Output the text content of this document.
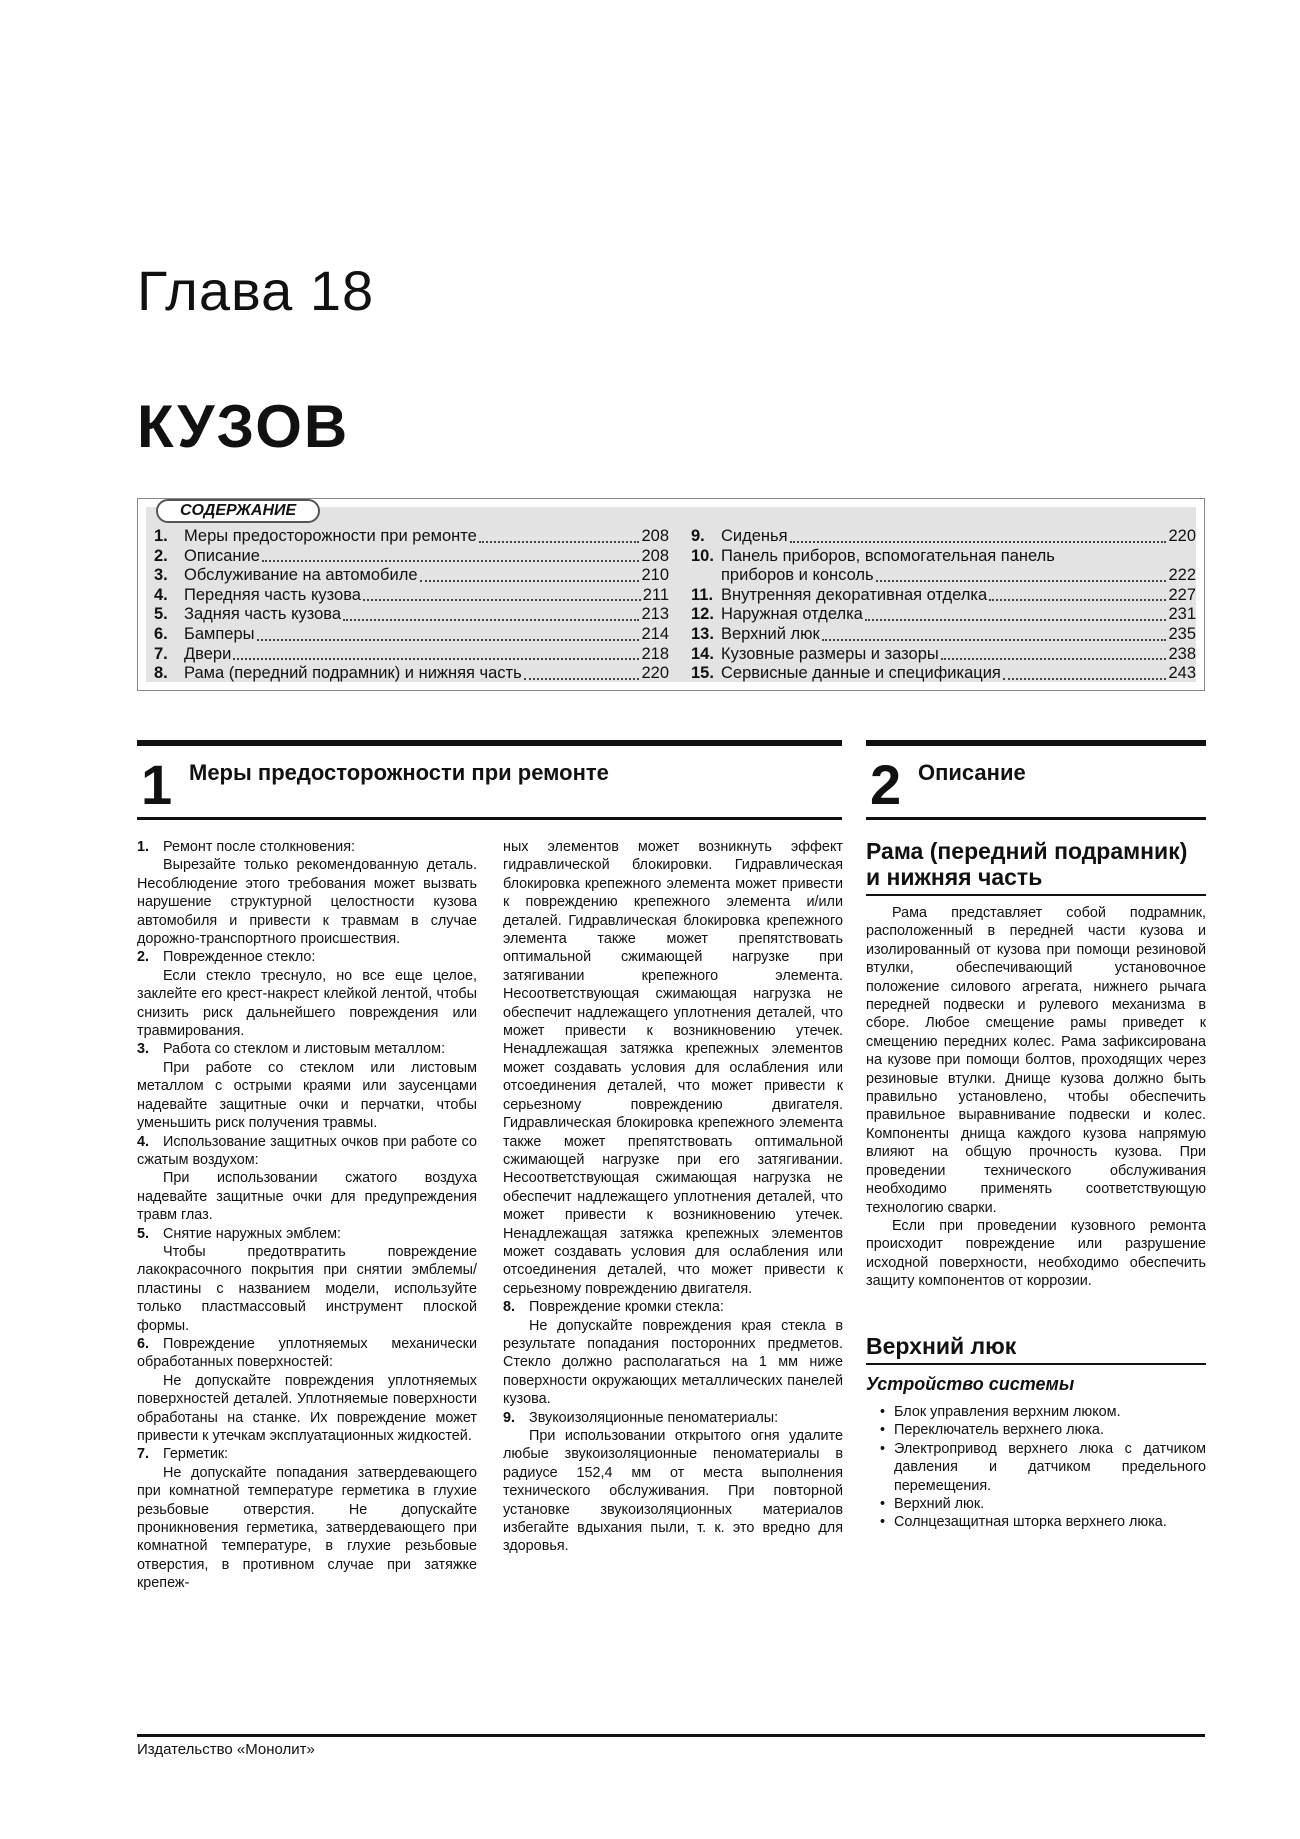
Глава 18
КУЗОВ
СОДЕРЖАНИЕ
1. Меры предосторожности при ремонте	208
2. Описание	208
3. Обслуживание на автомобиле	210
4. Передняя часть кузова	211
5. Задняя часть кузова	213
6. Бамперы	214
7. Двери	218
8. Рама (передний подрамник) и нижняя часть	220
9. Сиденья	220
10. Панель приборов, вспомогательная панель
приборов и консоль	222
11. Внутренняя декоративная отделка	227
12. Наружная отделка	231
13. Верхний люк	235
14. Кузовные размеры и зазоры	238
15. Сервисные данные и спецификация	243
1 Меры предосторожности при ремонте	2 Описание

1. Ремонт после столкновения:

Вырезайте только рекомендованную деталь. Несоблюдение этого требования может вызвать нарушение структурной целостности кузова автомобиля и привести к травмам в случае дорожно-транспортного происшествия.

2. Поврежденное стекло:

Если стекло треснуло, но все еще целое, заклейте его крест-накрест клейкой лентой, чтобы снизить риск дальнейшего повреждения или травмирования.

3. Работа со стеклом и листовым металлом:

При работе со стеклом или листовым металлом с острыми краями или заусенцами надевайте защитные очки и перчатки, чтобы уменьшить риск получения травмы.

4. Использование защитных очков при работе со сжатым воздухом:

При использовании сжатого воздуха надевайте защитные очки для предупреждения травм глаз.

5. Снятие наружных эмблем:

Чтобы предотвратить повреждение лакокрасочного покрытия при снятии эмблемы/пластины с названием модели, используйте только пластмассовый инструмент плоской формы.

6. Повреждение уплотняемых механически обработанных поверхностей:

Не допускайте повреждения уплотняемых поверхностей деталей. Уплотняемые поверхности обработаны на станке. Их повреждение может привести к утечкам эксплуатационных жидкостей.

7. Герметик:

Не допускайте попадания затвердевающего при комнатной температуре герметика в глухие резьбовые отверстия. Не допускайте проникновения герметика, затвердевающего при комнатной температуре, в глухие резьбовые отверстия, в противном случае при затяжке крепеж-

ных элементов может возникнуть эффект гидравлической блокировки. Гидравлическая блокировка крепежного элемента может привести к повреждению крепежного элемента и/или деталей. Гидравлическая блокировка крепежного элемента также может препятствовать оптимальной сжимающей нагрузке при затягивании крепежного элемента. Несоответствующая сжимающая нагрузка не обеспечит надлежащего уплотнения деталей, что может привести к возникновению утечек. Ненадлежащая затяжка крепежных элементов может создавать условия для ослабления или отсоединения деталей, что может привести к серьезному повреждению двигателя. Гидравлическая блокировка крепежного элемента также может препятствовать оптимальной сжимающей нагрузке при его затягивании. Несоответствующая сжимающая нагрузка не обеспечит надлежащего уплотнения деталей, что может привести к возникновению утечек. Ненадлежащая затяжка крепежных элементов может создавать условия для ослабления или отсоединения деталей, что может привести к серьезному повреждению двигателя.

8. Повреждение кромки стекла:

Не допускайте повреждения края стекла в результате попадания посторонних предметов. Стекло должно располагаться на 1 мм ниже поверхности окружающих металлических панелей кузова.

9. Звукоизоляционные пеноматериалы:

При использовании открытого огня удалите любые звукоизоляционные пеноматериалы в радиусе 152,4 мм от места выполнения технического обслуживания. При повторной установке звукоизоляционных материалов избегайте вдыхания пыли, т. к. это вредно для здоровья.

Рама (передний подрамник) и нижняя часть

Рама представляет собой подрамник, расположенный в передней части кузова и изолированный от кузова при помощи резиновой втулки, обеспечивающий установочное положение силового агрегата, нижнего рычага передней подвески и рулевого механизма в сборе. Любое смещение рамы приведет к смещению передних колес. Рама зафиксирована на кузове при помощи болтов, проходящих через резиновые втулки. Днище кузова должно быть правильно установлено, чтобы обеспечить правильное выравнивание подвески и колес. Компоненты днища каждого кузова напрямую влияют на общую прочность кузова. При проведении технического обслуживания необходимо применять соответствующую технологию сварки.

Если при проведении кузовного ремонта происходит повреждение или разрушение исходной поверхности, необходимо обеспечить защиту компонентов от коррозии.

Верхний люк
Устройство системы

• Блок управления верхним люком.

• Переключатель верхнего люка.

• Электропривод верхнего люка с датчиком давления и датчиком предельного перемещения.

• Верхний люк.

• Солнцезащитная шторка верхнего люка.

Издательство «Монолит»
